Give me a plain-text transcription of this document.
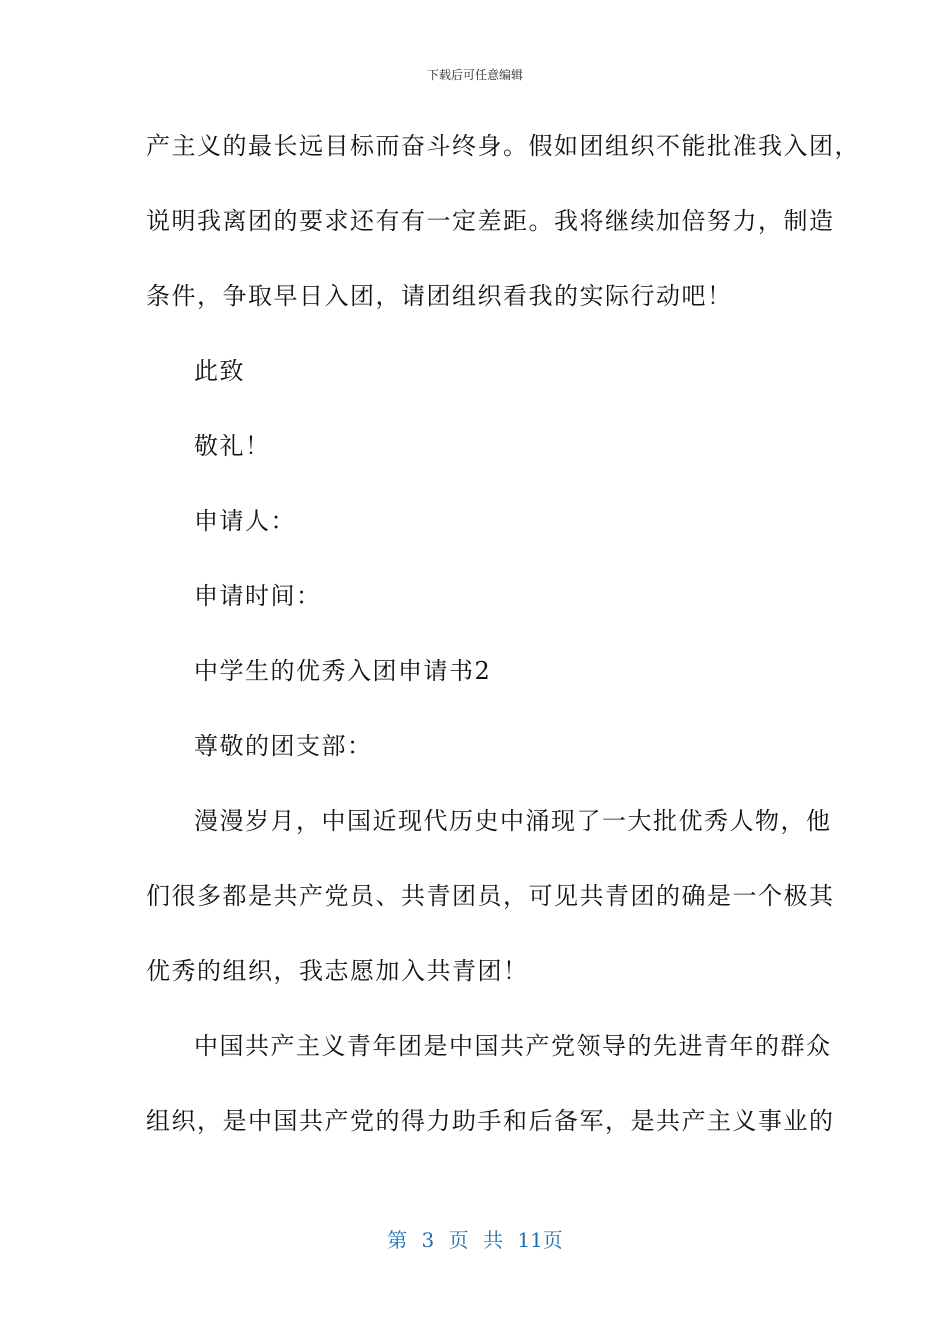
下载后可任意编辑
产主义的最长远目标而奋斗终身。假如团组织不能批准我入团，
说明我离团的要求还有有一定差距。我将继续加倍努力，制造
条件，争取早日入团，请团组织看我的实际行动吧！
此致
敬礼！
申请人：
申请时间：
中学生的优秀入团申请书2
尊敬的团支部：
漫漫岁月，中国近现代历史中涌现了一大批优秀人物，他
们很多都是共产党员、共青团员，可见共青团的确是一个极其
优秀的组织，我志愿加入共青团！
中国共产主义青年团是中国共产党领导的先进青年的群众
组织，是中国共产党的得力助手和后备军，是共产主义事业的
第 3 页 共 11页
